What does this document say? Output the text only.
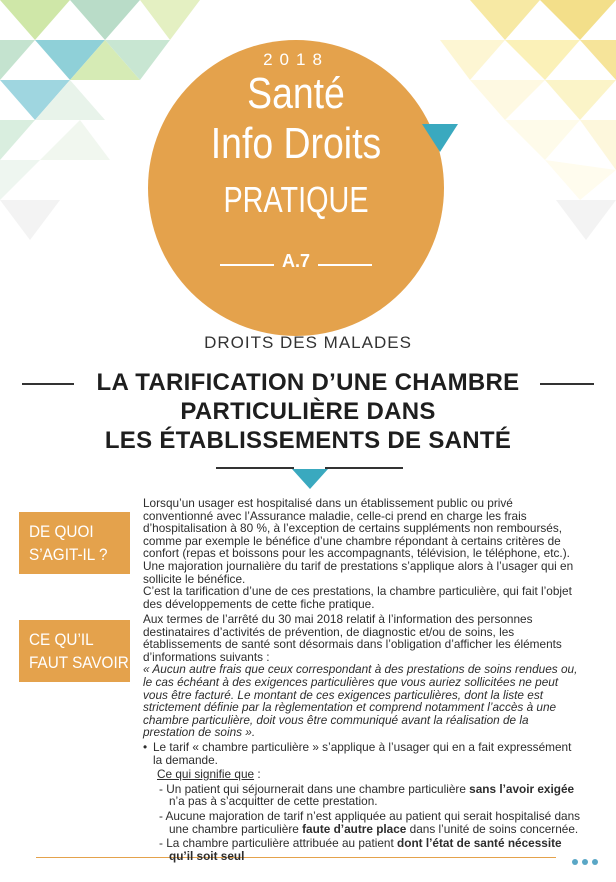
2018
Santé
Info Droits
PRATIQUE
A.7
DROITS DES MALADES
LA TARIFICATION D’UNE CHAMBRE
PARTICULIÈRE DANS
LES ÉTABLISSEMENTS DE SANTÉ
DE QUOI
S’AGIT-IL ?

Lorsqu’un usager est hospitalisé dans un établissement public ou privé conventionné avec l’Assurance maladie, celle-ci prend en charge les frais d’hospitalisation à 80 %, à l’exception de certains suppléments non remboursés, comme par exemple le bénéfice d’une chambre répondant à certains critères de confort (repas et boissons pour les accompagnants, télévision, le téléphone, etc.). Une majoration journalière du tarif de prestations s’applique alors à l’usager qui en sollicite le bénéfice.

C’est la tarification d’une de ces prestations, la chambre particulière, qui fait l’objet des développements de cette fiche pratique.

CE QU’IL
FAUT SAVOIR

Aux termes de l’arrêté du 30 mai 2018 relatif à l’information des personnes destinataires d’activités de prévention, de diagnostic et/ou de soins, les établissements de santé sont désormais dans l’obligation d’afficher les éléments d’informations suivants :

« Aucun autre frais que ceux correspondant à des prestations de soins rendues ou, le cas échéant à des exigences particulières que vous auriez sollicitées ne peut vous être facturé. Le montant de ces exigences particulières, dont la liste est strictement définie par la règlementation et comprend notamment l’accès à une chambre particulière, doit vous être communiqué avant la réalisation de la prestation de soins ».

• Le tarif « chambre particulière » s’applique à l’usager qui en a fait expressément la demande.

Ce qui signifie que :

- Un patient qui séjournerait dans une chambre particulière sans l’avoir exigée n’a pas à s’acquitter de cette prestation.

- Aucune majoration de tarif n’est appliquée au patient qui serait hospitalisé dans une chambre particulière faute d’autre place dans l’unité de soins concernée.

- La chambre particulière attribuée au patient dont l’état de santé nécessite qu’il soit seul
